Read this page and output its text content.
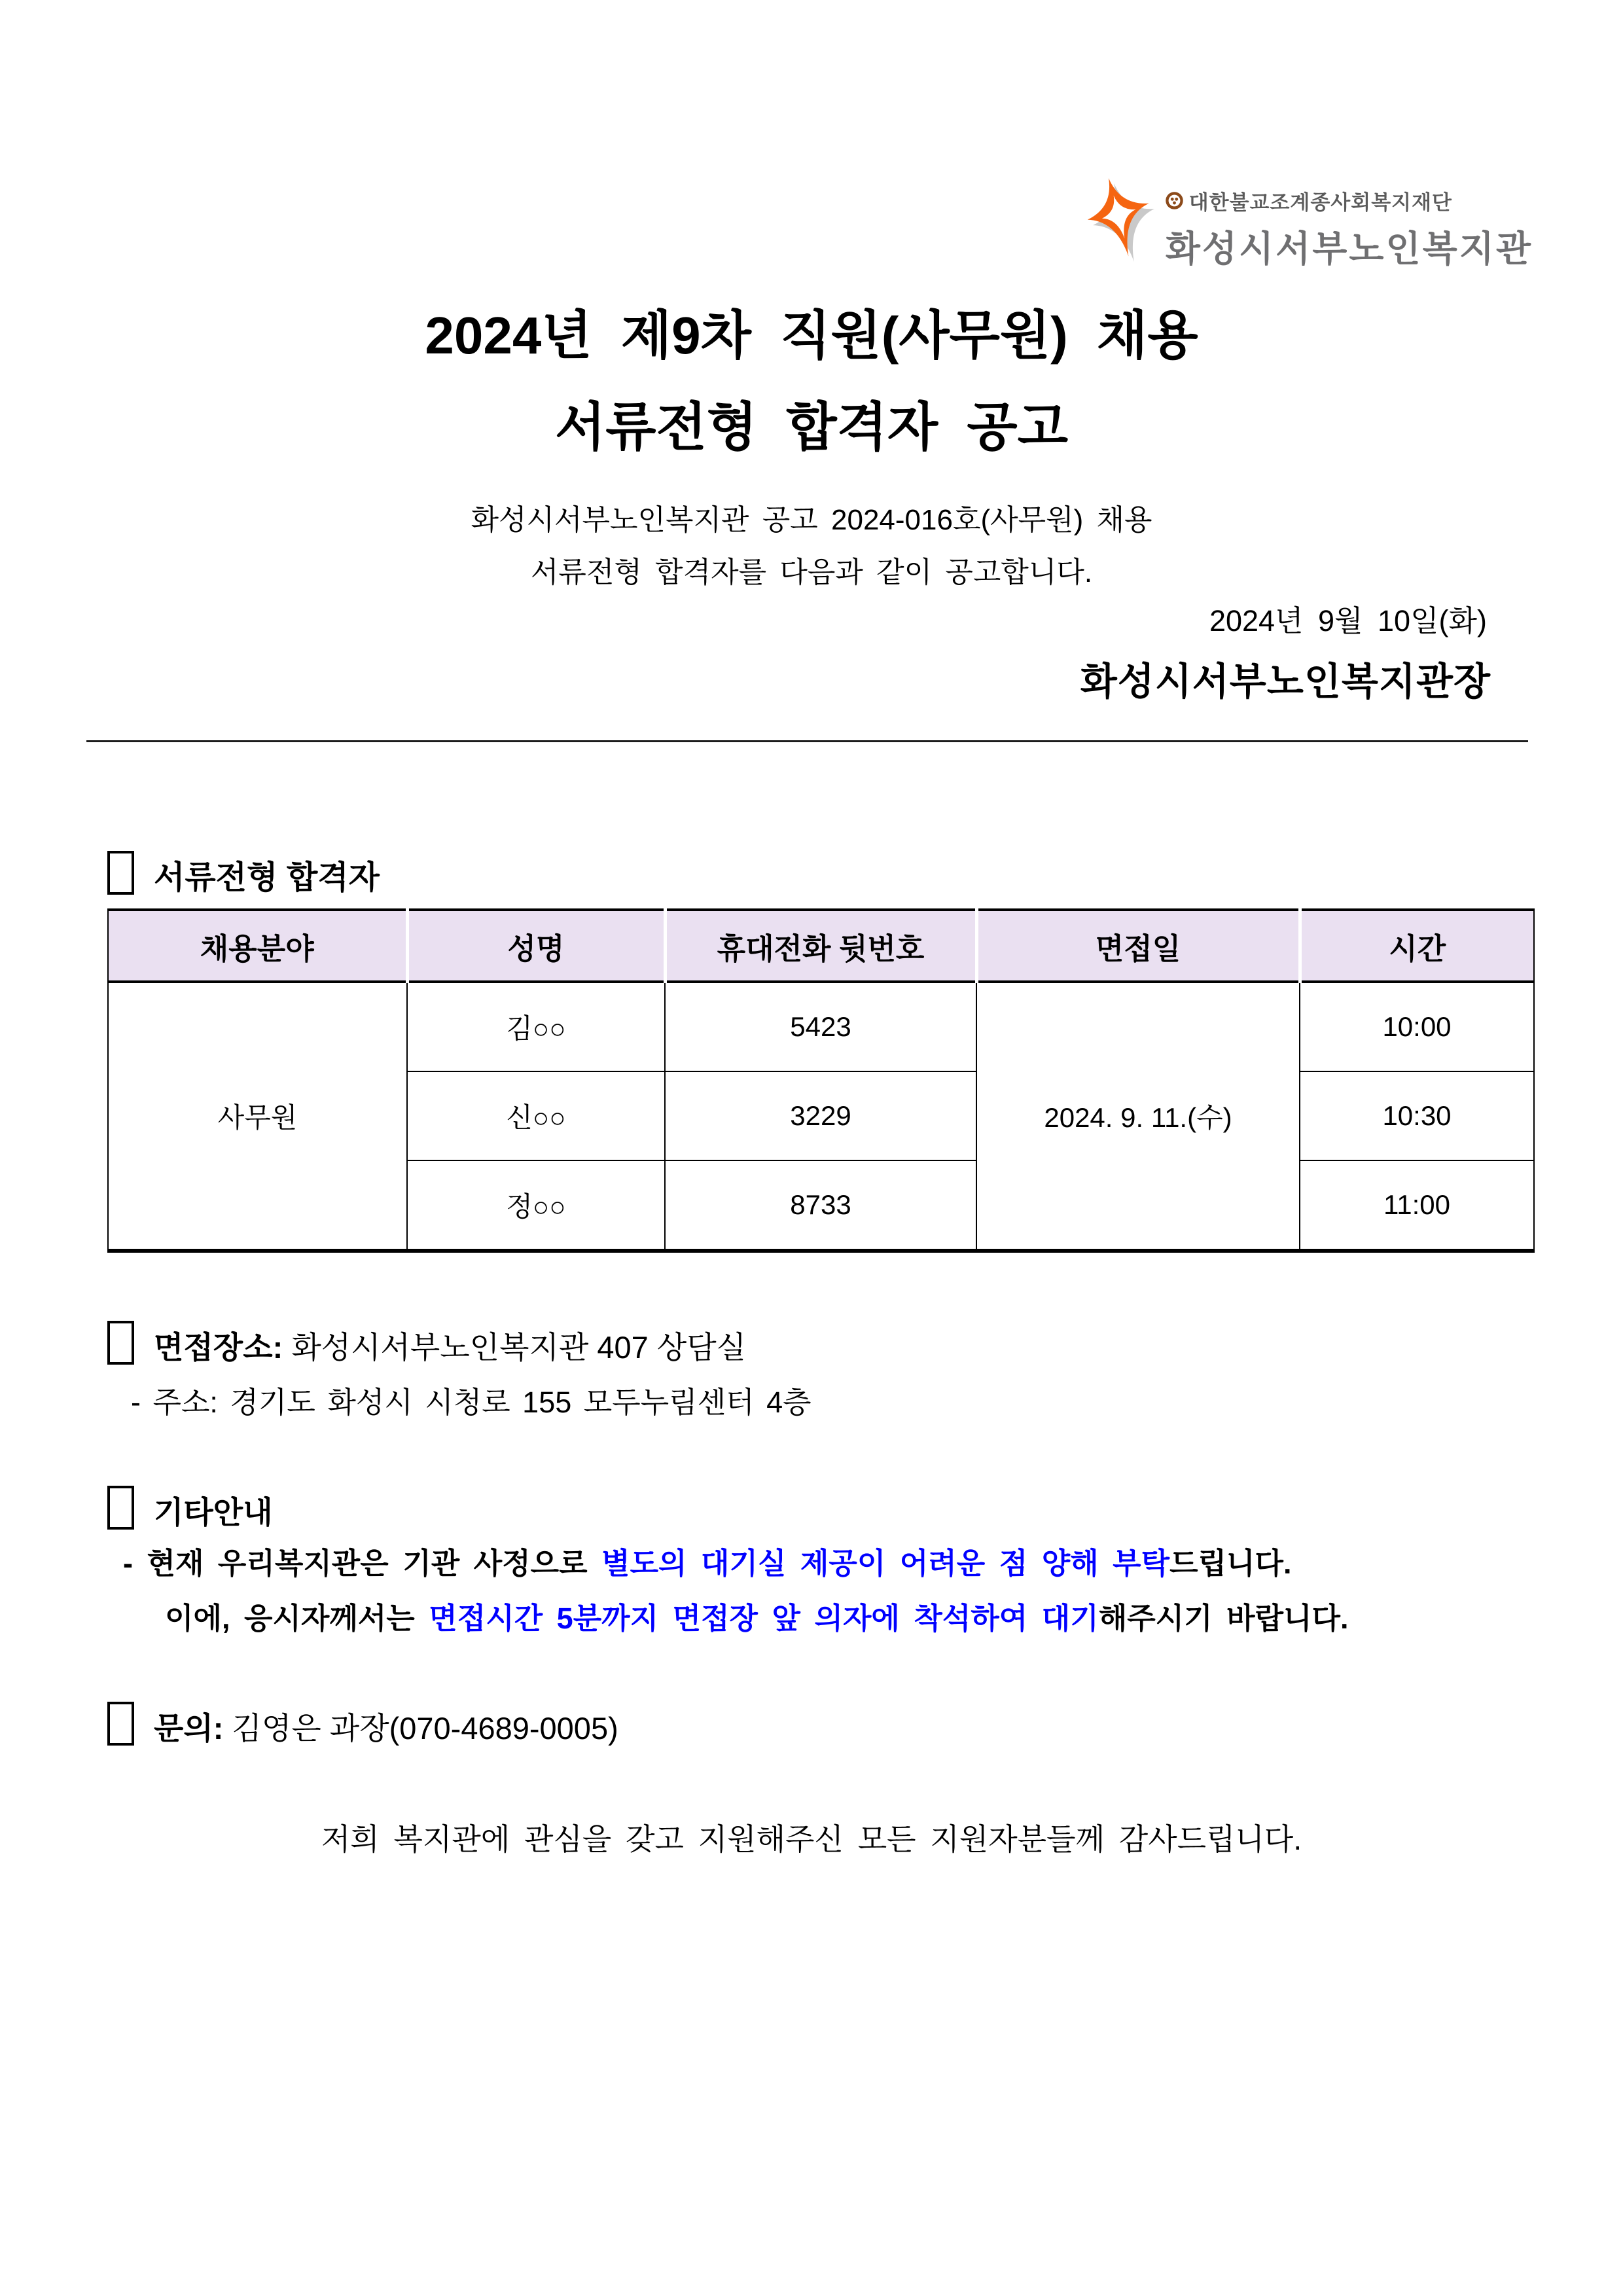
대한불교조계종사회복지재단
화성시서부노인복지관
2024년 제9차 직원(사무원) 채용
서류전형 합격자 공고
화성시서부노인복지관 공고 2024-016호(사무원) 채용
서류전형 합격자를 다음과 같이 공고합니다.
2024년 9월 10일(화)
화성시서부노인복지관장
서류전형 합격자
채용분야	성명	휴대전화 뒷번호	면접일	시간
사무원	김○○	5423	2024. 9. 11.(수)	10:00
	신○○	3229		10:30
	정○○	8733		11:00
면접장소: 화성시서부노인복지관 407 상담실
- 주소: 경기도 화성시 시청로 155 모두누림센터 4층
기타안내
- 현재 우리복지관은 기관 사정으로 별도의 대기실 제공이 어려운 점 양해 부탁드립니다.
이에, 응시자께서는 면접시간 5분까지 면접장 앞 의자에 착석하여 대기해주시기 바랍니다.
문의: 김영은 과장(070-4689-0005)
저희 복지관에 관심을 갖고 지원해주신 모든 지원자분들께 감사드립니다.
